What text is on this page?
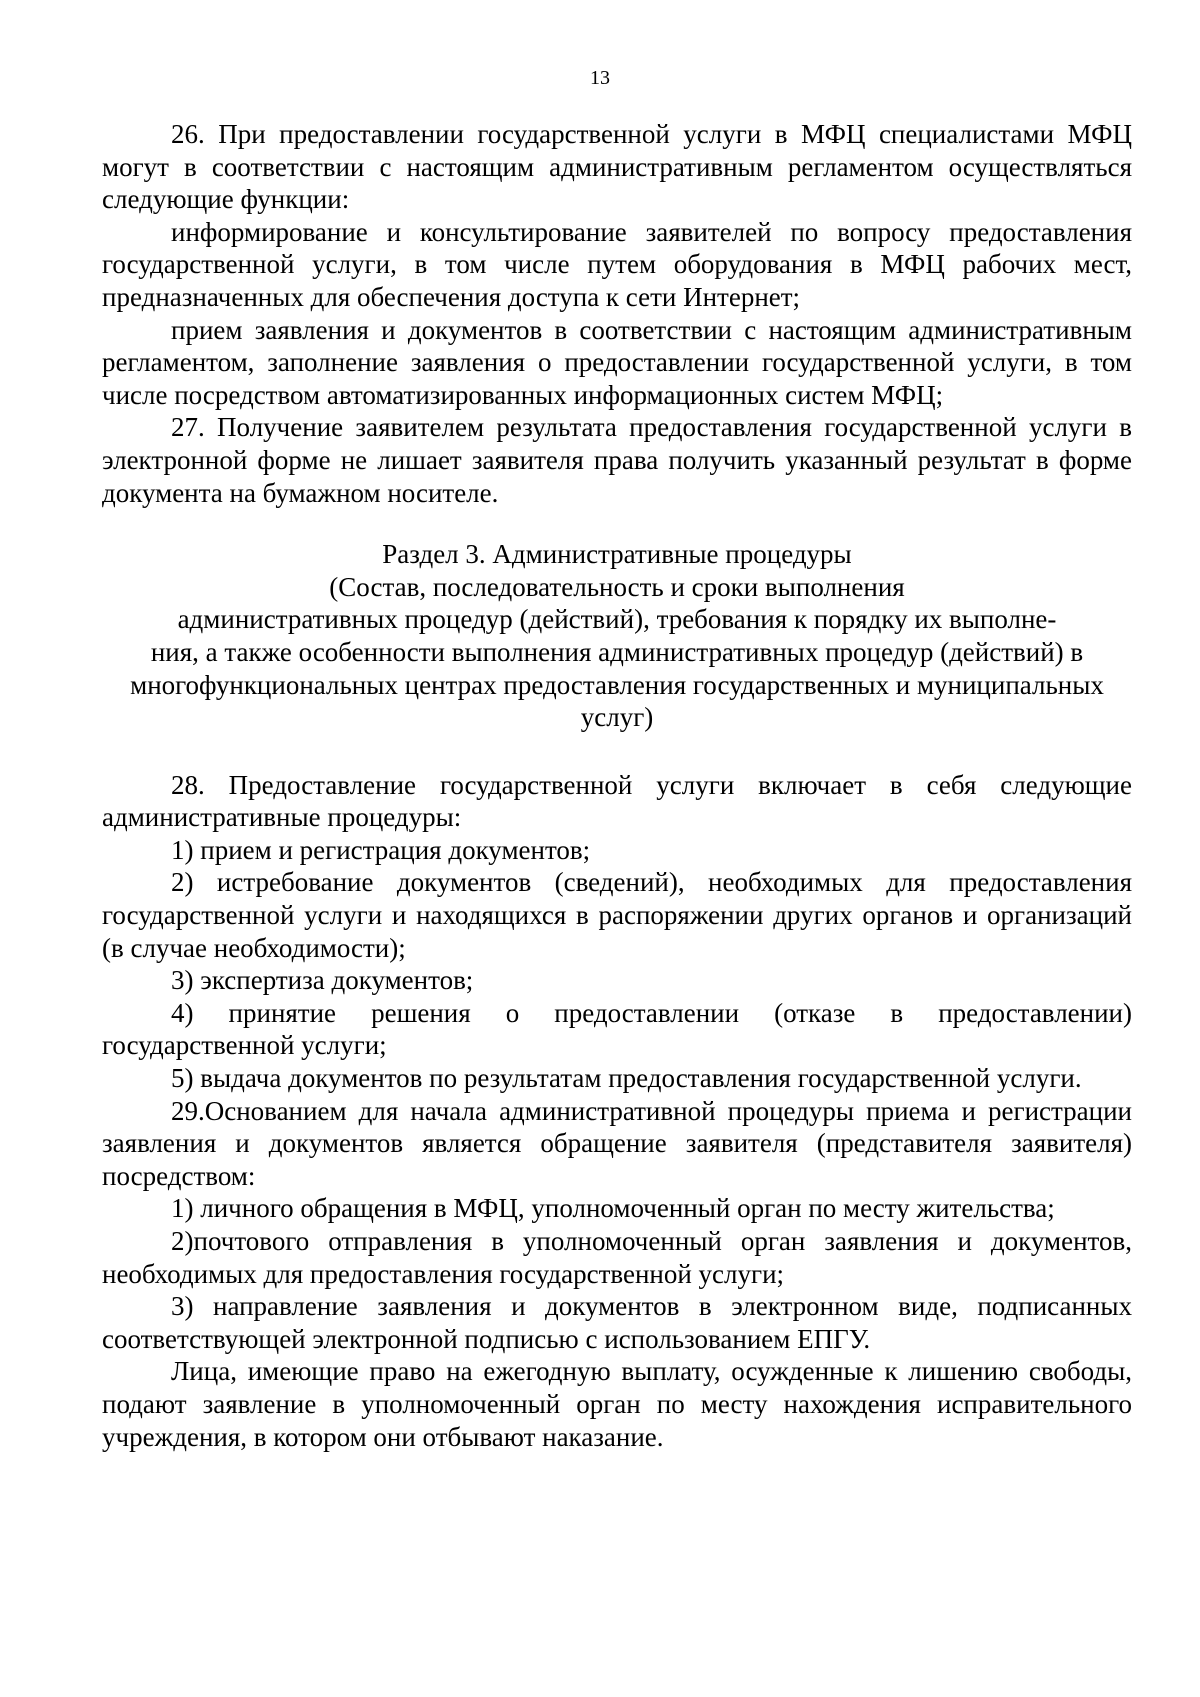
13

26. При предоставлении государственной услуги в МФЦ специалистами МФЦ могут в соответствии с настоящим административным регламентом осуществляться следующие функции:

информирование и консультирование заявителей по вопросу предоставления государственной услуги, в том числе путем оборудования в МФЦ рабочих мест, предназначенных для обеспечения доступа к сети Интернет;

прием заявления и документов в соответствии с настоящим административным регламентом, заполнение заявления о предоставлении государственной услуги, в том числе посредством автоматизированных информационных систем МФЦ;

27. Получение заявителем результата предоставления государственной услуги в электронной форме не лишает заявителя права получить указанный результат в форме документа на бумажном носителе.

Раздел 3. Административные процедуры
(Состав, последовательность и сроки выполнения
административных процедур (действий), требования к порядку их выполне-
ния, а также особенности выполнения административных процедур (действий) в
многофункциональных центрах предоставления государственных и муниципальных
услуг)

28. Предоставление государственной услуги включает в себя следующие административные процедуры:

1) прием и регистрация документов;

2) истребование документов (сведений), необходимых для предоставления государственной услуги и находящихся в распоряжении других органов и организаций (в случае необходимости);

3) экспертиза документов;

4) принятие решения о предоставлении (отказе в предоставлении) государственной услуги;

5) выдача документов по результатам предоставления государственной услуги.

29.Основанием для начала административной процедуры приема и регистрации заявления и документов является обращение заявителя (представителя заявителя) посредством:

1) личного обращения в МФЦ, уполномоченный орган по месту жительства;

2)почтового отправления в уполномоченный орган заявления и документов, необходимых для предоставления государственной услуги;

3) направление заявления и документов в электронном виде, подписанных соответствующей электронной подписью с использованием ЕПГУ.

Лица, имеющие право на ежегодную выплату, осужденные к лишению свободы, подают заявление в уполномоченный орган по месту нахождения исправительного учреждения, в котором они отбывают наказание.
